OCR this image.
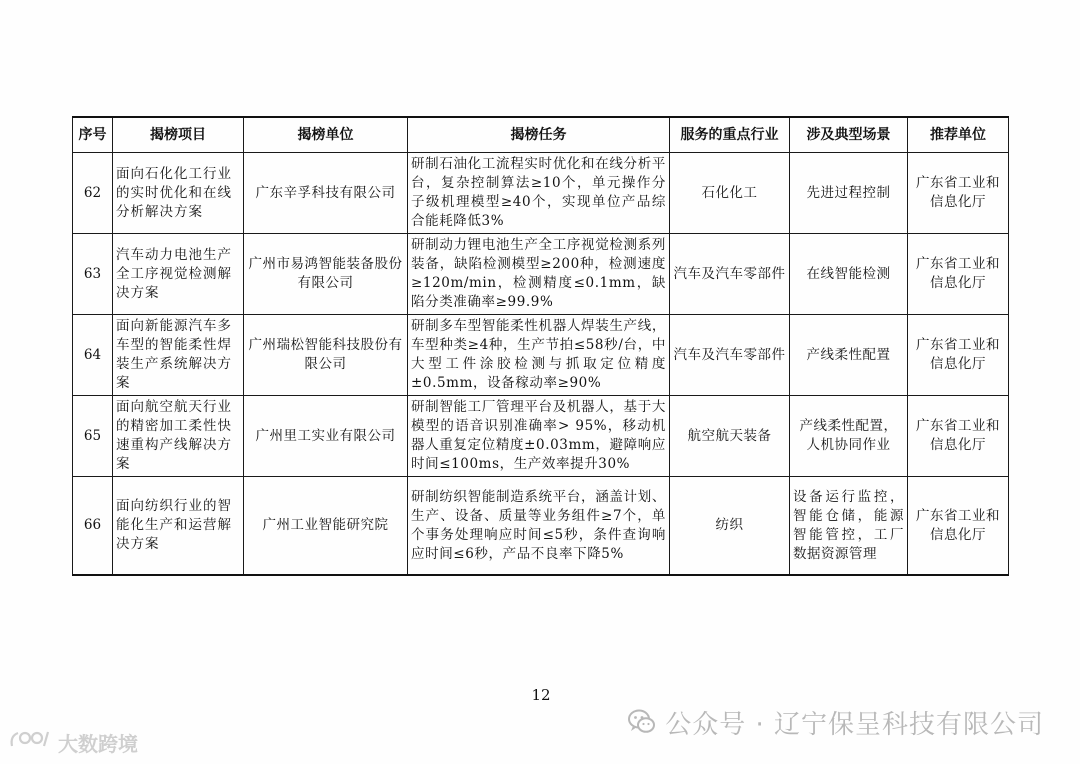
序号	揭榜项目	揭榜单位	揭榜任务	服务的重点行业	涉及典型场景	推荐单位
62	面向石化化工行业的实时优化和在线分析解决方案	广东辛孚科技有限公司	研制石油化工流程实时优化和在线分析平台，复杂控制算法≥10个，单元操作分子级机理模型≥40个，实现单位产品综合能耗降低3%	石化化工	先进过程控制	广东省工业和
信息化厅

63	汽车动力电池生产全工序视觉检测解决方案	广州市易鸿智能装备股份有限公司	研制动力锂电池生产全工序视觉检测系列装备，缺陷检测模型≥200种，检测速度≥120m/min，检测精度≤0.1mm，缺陷分类准确率≥99.9%	汽车及汽车零部件	在线智能检测	广东省工业和
信息化厅

64	面向新能源汽车多车型的智能柔性焊装生产系统解决方案	广州瑞松智能科技股份有限公司	研制多车型智能柔性机器人焊装生产线，车型种类≥4种，生产节拍≤58秒/台，中大型工件涂胶检测与抓取定位精度±0.5mm，设备稼动率≥90%	汽车及汽车零部件	产线柔性配置	广东省工业和
信息化厅

65	面向航空航天行业的精密加工柔性快速重构产线解决方案	广州里工实业有限公司	研制智能工厂管理平台及机器人，基于大模型的语音识别准确率> 95%，移动机器人重复定位精度±0.03mm，避障响应时间≤100ms，生产效率提升30%	航空航天装备	产线柔性配置，人机协同作业	广东省工业和
信息化厅

66	面向纺织行业的智能化生产和运营解决方案	广州工业智能研究院	研制纺织智能制造系统平台，涵盖计划、生产、设备、质量等业务组件≥7个，单个事务处理响应时间≤5秒，条件查询响应时间≤6秒，产品不良率下降5%	纺织	设备运行监控，智能仓储，能源智能管控，工厂数据资源管理	广东省工业和
信息化厅
12
公众号 · 辽宁保呈科技有限公司
大数跨境
